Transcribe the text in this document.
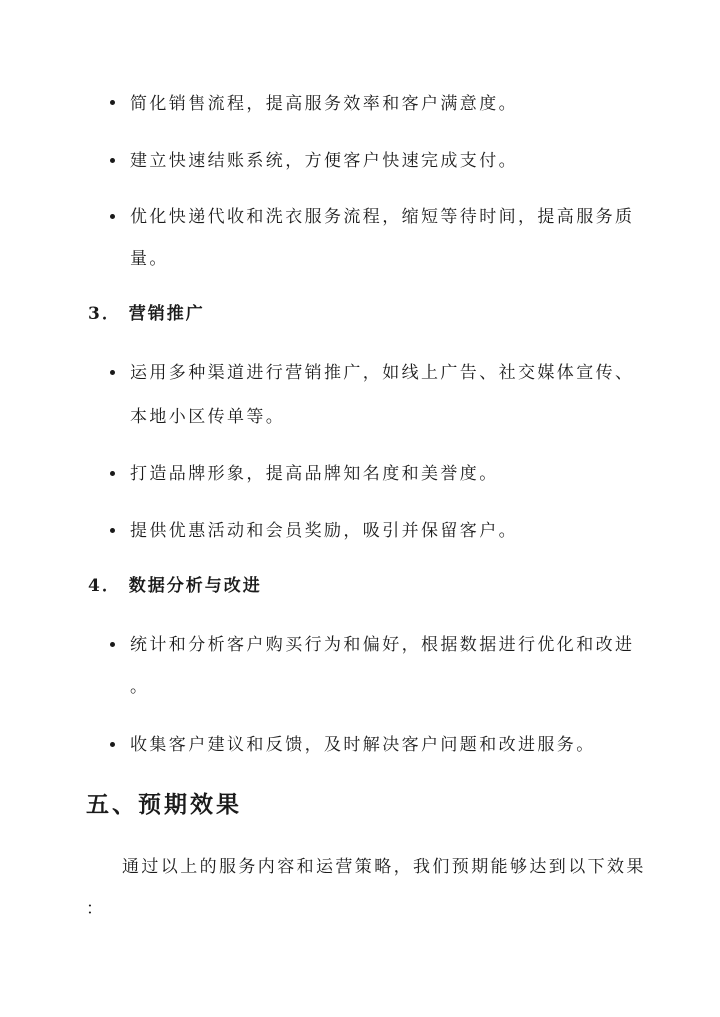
简化销售流程，提高服务效率和客户满意度。
建立快速结账系统，方便客户快速完成支付。
优化快递代收和洗衣服务流程，缩短等待时间，提高服务质
量。
3． 营销推广
运用多种渠道进行营销推广，如线上广告、社交媒体宣传、
本地小区传单等。
打造品牌形象，提高品牌知名度和美誉度。
提供优惠活动和会员奖励，吸引并保留客户。
4． 数据分析与改进
统计和分析客户购买行为和偏好，根据数据进行优化和改进
。
收集客户建议和反馈，及时解决客户问题和改进服务。
五、预期效果
通过以上的服务内容和运营策略，我们预期能够达到以下效果
：
